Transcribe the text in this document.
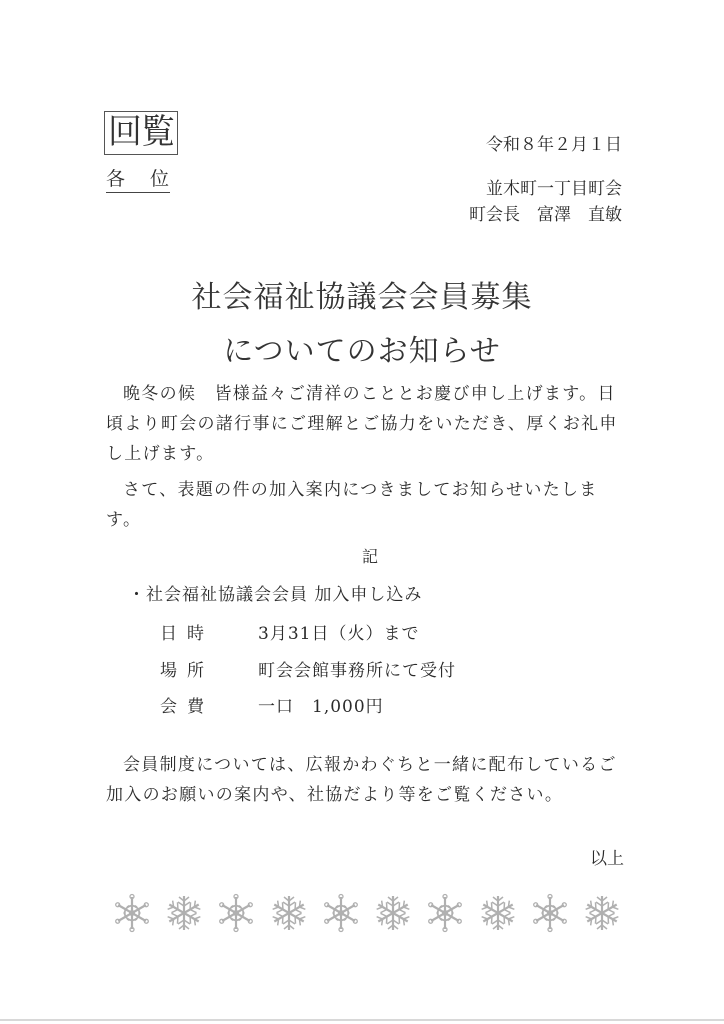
回覧
各 位
令和８年２月１日
並木町一丁目町会
町会長　富澤　直敏
社会福祉協議会会員募集
についてのお知らせ
晩冬の候　皆様益々ご清祥のこととお慶び申し上げます。日頃より町会の諸行事にご理解とご協力をいただき、厚くお礼申し上げます。
さて、表題の件の加入案内につきましてお知らせいたします。
記
・社会福祉協議会会員 加入申し込み
日時	3月31日（火）まで
場所	町会会館事務所にて受付
会費	一口　1,000円
会員制度については、広報かわぐちと一緒に配布しているご加入のお願いの案内や、社協だより等をご覧ください。
以上
